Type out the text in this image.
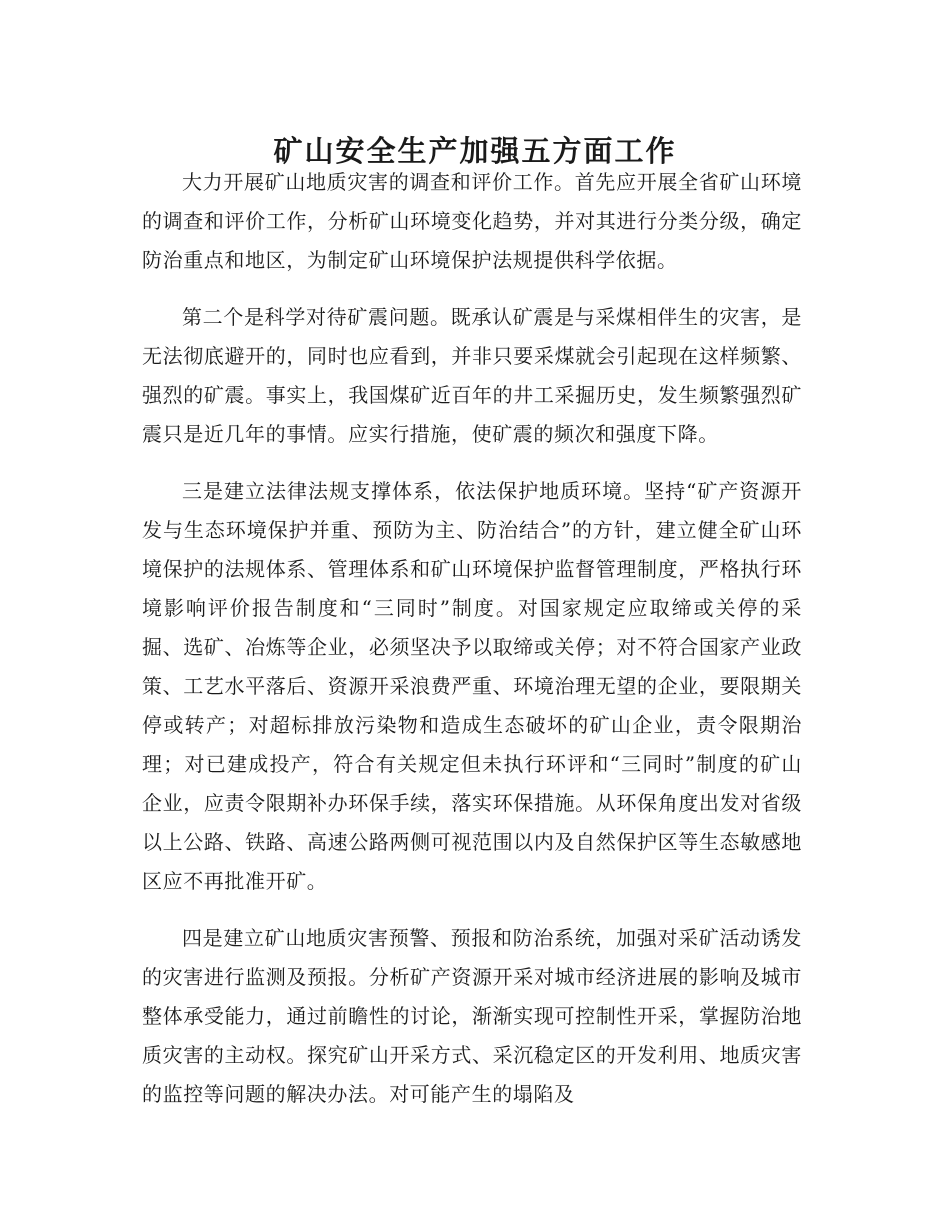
矿山安全生产加强五方面工作

大力开展矿山地质灾害的调查和评价工作。首先应开展全省矿山环境的调查和评价工作，分析矿山环境变化趋势，并对其进行分类分级，确定防治重点和地区，为制定矿山环境保护法规提供科学依据。

第二个是科学对待矿震问题。既承认矿震是与采煤相伴生的灾害，是无法彻底避开的，同时也应看到，并非只要采煤就会引起现在这样频繁、强烈的矿震。事实上，我国煤矿近百年的井工采掘历史，发生频繁强烈矿震只是近几年的事情。应实行措施，使矿震的频次和强度下降。

三是建立法律法规支撑体系，依法保护地质环境。坚持“矿产资源开发与生态环境保护并重、预防为主、防治结合”的方针，建立健全矿山环境保护的法规体系、管理体系和矿山环境保护监督管理制度，严格执行环境影响评价报告制度和“三同时”制度。对国家规定应取缔或关停的采掘、选矿、冶炼等企业，必须坚决予以取缔或关停；对不符合国家产业政策、工艺水平落后、资源开采浪费严重、环境治理无望的企业，要限期关停或转产；对超标排放污染物和造成生态破坏的矿山企业，责令限期治理；对已建成投产，符合有关规定但未执行环评和“三同时”制度的矿山企业，应责令限期补办环保手续，落实环保措施。从环保角度出发对省级以上公路、铁路、高速公路两侧可视范围以内及自然保护区等生态敏感地区应不再批准开矿。

四是建立矿山地质灾害预警、预报和防治系统，加强对采矿活动诱发的灾害进行监测及预报。分析矿产资源开采对城市经济进展的影响及城市整体承受能力，通过前瞻性的讨论，渐渐实现可控制性开采，掌握防治地质灾害的主动权。探究矿山开采方式、采沉稳定区的开发利用、地质灾害的监控等问题的解决办法。对可能产生的塌陷及
